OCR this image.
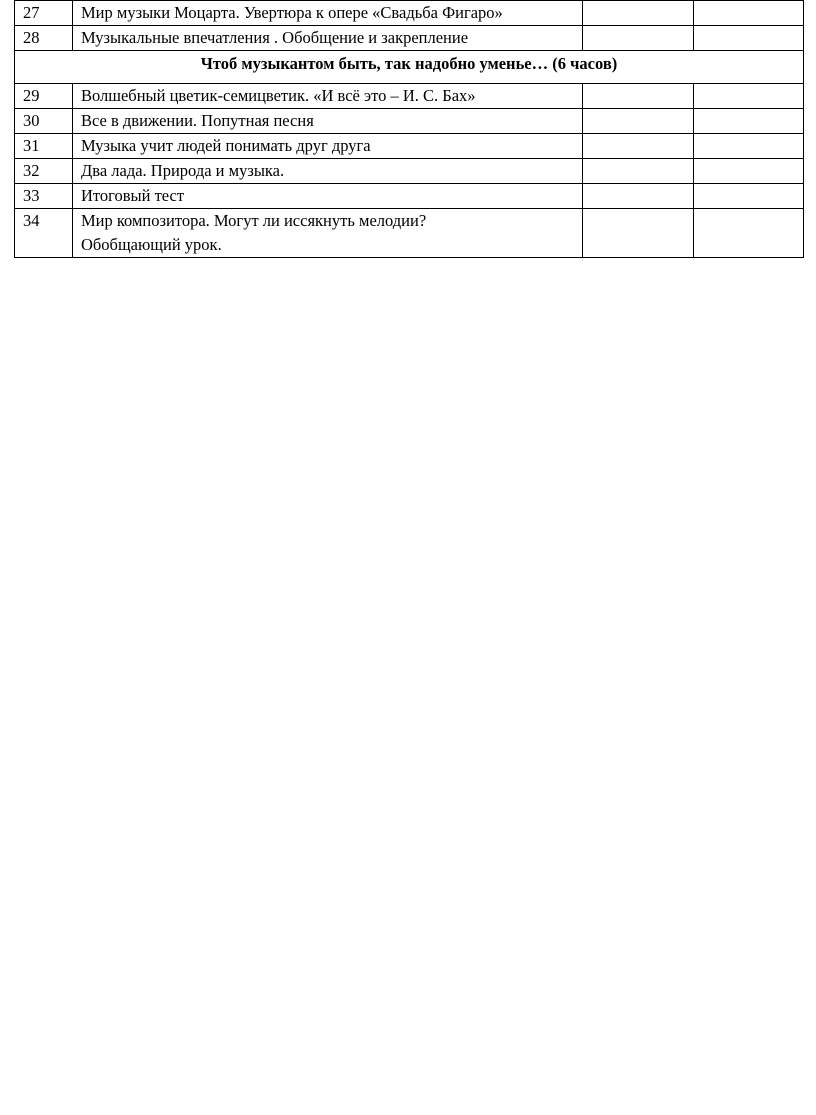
27	Мир музыки Моцарта. Увертюра к опере «Свадьба Фигаро»		
28	Музыкальные впечатления . Обобщение и закрепление		
Чтоб музыкантом быть, так надобно уменье… (6 часов)			
29	Волшебный цветик-семицветик. «И всё это – И. С. Бах»		
30	Все в движении. Попутная песня		
31	Музыка учит людей понимать друг друга		
32	Два лада. Природа и музыка.		
33	Итоговый тест		
34	Мир композитора. Могут ли иссякнуть мелодии?
Обобщающий урок.		
